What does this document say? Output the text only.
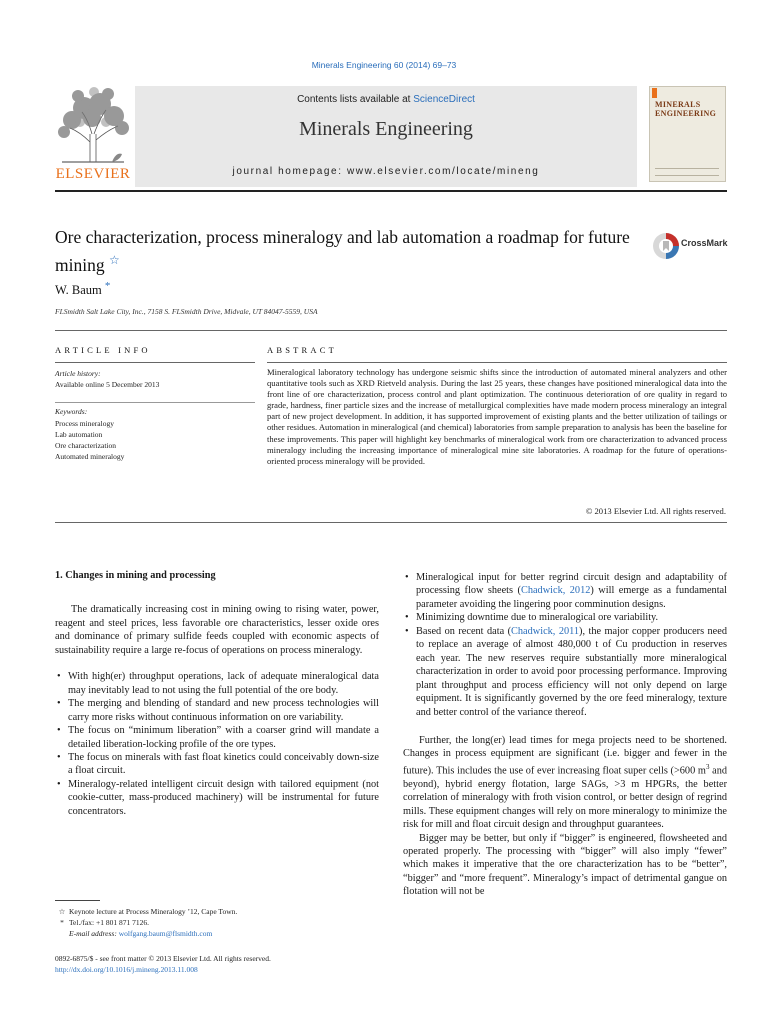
Minerals Engineering 60 (2014) 69–73
Contents lists available at ScienceDirect
Minerals Engineering
journal homepage: www.elsevier.com/locate/mineng
ELSEVIER
MINERALS
ENGINEERING
Ore characterization, process mineralogy and lab automation a roadmap for future mining ☆
CrossMark
W. Baum *
FLSmidth Salt Lake City, Inc., 7158 S. FLSmidth Drive, Midvale, UT 84047-5559, USA
ARTICLE INFO	ABSTRACT
Article history:
Available online 5 December 2013
Keywords:
Process mineralogy
Lab automation
Ore characterization
Automated mineralogy
Mineralogical laboratory technology has undergone seismic shifts since the introduction of automated mineral analyzers and other quantitative tools such as XRD Rietveld analysis. During the last 25 years, these changes have positioned mineralogical data into the front line of ore characterization, process control and plant optimization. The continuous deterioration of ore quality in regard to grade, hardness, finer particle sizes and the increase of metallurgical complexities have made modern process mineralogy an integral part of new project development. In addition, it has supported improvement of existing plants and the better utilization of tailings or other residues. Automation in mineralogical (and chemical) laboratories from sample preparation to analysis has been the baseline for these improvements. This paper will highlight key benchmarks of mineralogical work from ore characterization to advanced process mineralogy including the increasing importance of mineralogical mine site laboratories. A roadmap for the future of operations-oriented process mineralogy will be provided.
© 2013 Elsevier Ltd. All rights reserved.
1. Changes in mining and processing

The dramatically increasing cost in mining owing to rising water, power, reagent and steel prices, less favorable ore characteristics, lesser oxide ores and dominance of primary sulfide feeds coupled with economic aspects of sustainability require a large re-focus of operations on process mineralogy.

• With high(er) throughput operations, lack of adequate mineralogical data may inevitably lead to not using the full potential of the ore body.
• The merging and blending of standard and new process technologies will carry more risks without continuous information on ore variability.
• The focus on “minimum liberation” with a coarser grind will mandate a detailed liberation-locking profile of the ore types.
• The focus on minerals with fast float kinetics could conceivably down-size a float circuit.
• Mineralogy-related intelligent circuit design with tailored equipment (not cookie-cutter, mass-produced machinery) will be instrumental for future concentrators.
• Mineralogical input for better regrind circuit design and adaptability of processing flow sheets (Chadwick, 2012) will emerge as a fundamental parameter avoiding the lingering poor comminution designs.
• Minimizing downtime due to mineralogical ore variability.
• Based on recent data (Chadwick, 2011), the major copper producers need to replace an average of almost 480,000 t of Cu production in reserves each year. The new reserves require substantially more mineralogical characterization in order to avoid poor processing performance. Improving plant throughput and process efficiency will not only depend on large equipment. It is significantly governed by the ore feed mineralogy, texture and better control of the variance thereof.

Further, the long(er) lead times for mega projects need to be shortened. Changes in process equipment are significant (i.e. bigger and fewer in the future). This includes the use of ever increasing float super cells (>600 $m^3$ and beyond), hybrid energy flotation, large SAGs, >3 m HPGRs, the better correlation of mineralogy with froth vision control, or better design of regrind mills. These equipment changes will rely on more mineralogy to minimize the risk for mill and float circuit design and throughput guarantees.

Bigger may be better, but only if “bigger” is engineered, flowsheeted and operated properly. The processing with “bigger” will also imply “fewer” which makes it imperative that the ore characterization has to be “better”, “bigger” and “more frequent”. Mineralogy’s impact of detrimental gangue on flotation will not be

☆ Keynote lecture at Process Mineralogy ’12, Cape Town.
* Tel./fax: +1 801 871 7126.
E-mail address: wolfgang.baum@flsmidth.com
0892-6875/$ - see front matter © 2013 Elsevier Ltd. All rights reserved.
http://dx.doi.org/10.1016/j.mineng.2013.11.008
